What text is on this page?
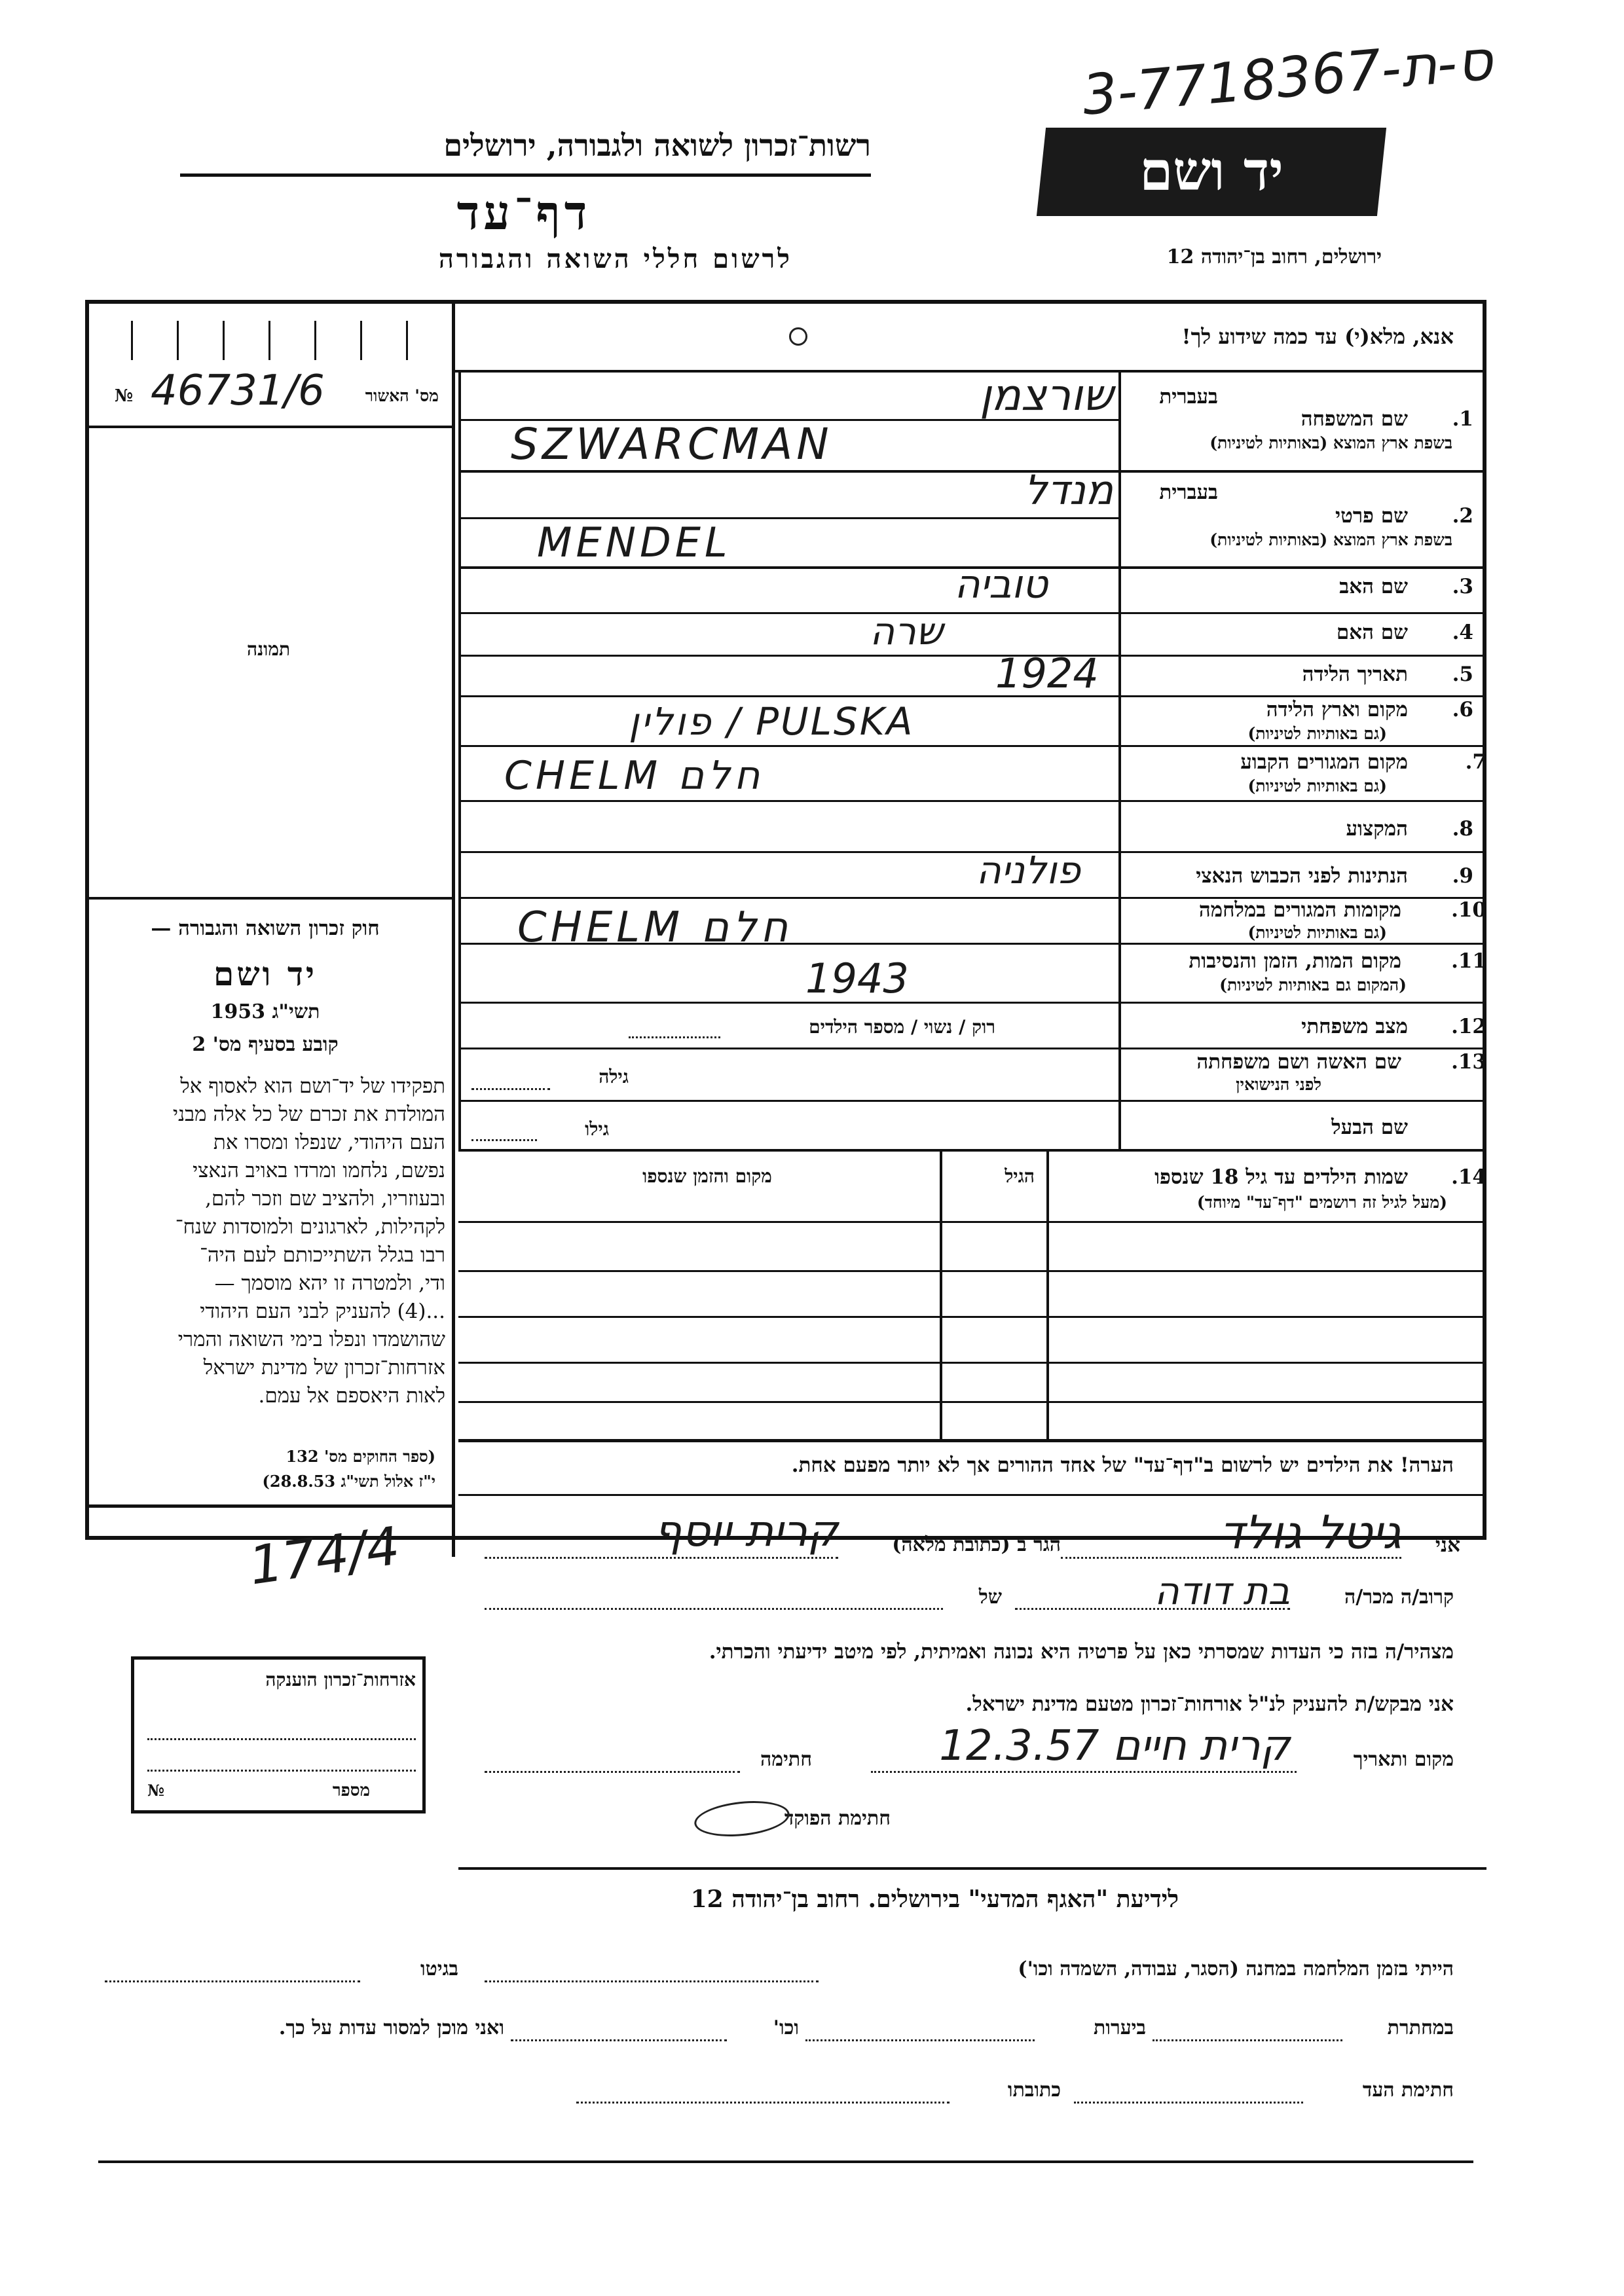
3-ס-ת-7718367
רשות־זכרון לשואה ולגבורה, ירושלים
דף־עד
לרשום חללי השואה והגבורה
יד ושם
ירושלים, רחוב בן־יהודה 12
אנא, מלא(י) עד כמה שידוע לך!
מס' האשור
№ 46731/6
תמונה
1.
שם המשפחה
בעברית
בשפת ארץ המוצא (באותיות לטיניות)
שורצמן
SZWARCMAN
2.
שם פרטי
בעברית
בשפת ארץ המוצא (באותיות לטיניות)
מנדל
MENDEL
3.
שם האב
טוביה
4.
שם האם
שרה
5.
תאריך הלידה
1924
6.
מקום וארץ הלידה
(גם באותיות לטיניות)
פולין / PULSKA
7.
מקום המגורים הקבוע
(גם באותיות לטיניות)
CHELM חלם
8.
המקצוע
9.
הנתינות לפני הכבוש הנאצי
פולניה
10.
מקומות המגורים במלחמה
(גם באותיות לטיניות)
CHELM חלם
11.
מקום המות, הזמן והנסיבות
(המקום גם באותיות לטיניות)
1943
12.
מצב משפחתי
רוק / נשוי / מספר הילדים
13.
שם האשה ושם משפחתה
לפני הנישואין
גילה
שם הבעל
גילו
14.
שמות הילדים עד גיל 18 שנספו
(מעל לגיל זה רושמים "דף־עד" מיוחד)
הגיל
מקום והזמן שנספו
חוק זכרון השואה והגבורה —
יד ושם
תשי"ג 1953
קובע בסעיף מס' 2
תפקידו של יד־ושם הוא לאסוף אל
המולדת את זכרם של כל אלה מבני
העם היהודי, שנפלו ומסרו את
נפשם, נלחמו ומרדו באויב הנאצי
ובעוזריו, ולהציב שם וזכר להם,
לקהילות, לארגונים ולמוסדות שנח־
רבו בגלל השתייכותם לעם היה־
ודי, ולמטרה זו יהא מוסמך —
...(4) להעניק לבני העם היהודי
שהושמדו ונפלו בימי השואה והמרי
אזרחות־זכרון של מדינת ישראל
לאות היאספם אל עמם.
(ספר החוקים מס' 132
י"ז אלול תשי"ג 28.8.53)
הערה! את הילדים יש לרשום ב"דף־עד" של אחד ההורים אך לא יותר מפעם אחת.
אני
גיטל גולד
הגר ב (כתובת מלאה)
קרית יוסף
174/4
קרוב/ה מכר/ה
בת דודה
של
מצהיר/ה בזה כי העדות שמסרתי כאן על פרטיה היא נכונה ואמיתית, לפי מיטב ידיעתי והכרתי.
אני מבקש/ת להעניק לנ"ל אורחות־זכרון מטעם מדינת ישראל.
מקום ותאריך
קרית חיים 12.3.57
חתימה
חתימת הפוקד
אזרחות־זכרון הוענקה
מספר
№
לידיעת "האגף המדעי" בירושלים. רחוב בן־יהודה 12
הייתי בזמן המלחמה במחנה (הסגר, עבודה, השמדה וכו')
בגיטו
במחתרת
ביערות
וכו'
ואני מוכן למסור עדות על כך.
חתימת העד
כתובתו
